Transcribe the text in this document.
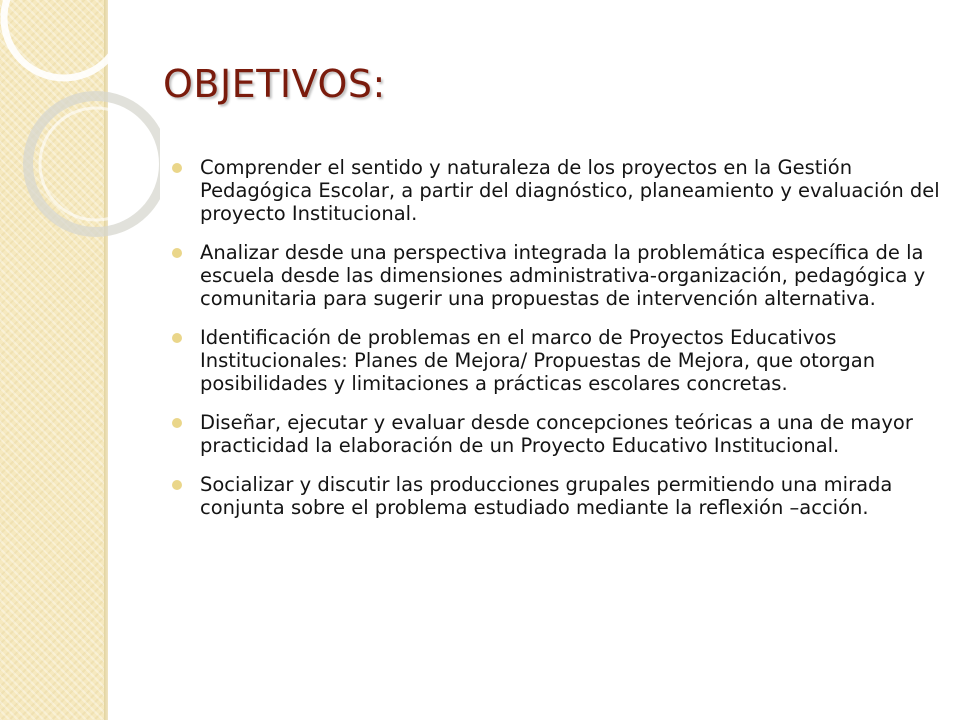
OBJETIVOS:
Comprender el sentido y naturaleza de los proyectos en la Gestión Pedagógica Escolar, a partir del diagnóstico, planeamiento y evaluación del proyecto Institucional.
Analizar desde una perspectiva integrada la problemática específica de la escuela desde las dimensiones administrativa-organización, pedagógica y comunitaria para sugerir una propuestas de intervención alternativa.
Identificación de problemas en el marco de Proyectos Educativos Institucionales: Planes de Mejora/ Propuestas de Mejora, que otorgan posibilidades y limitaciones a prácticas escolares concretas.
Diseñar, ejecutar y evaluar desde concepciones teóricas a una de mayor practicidad la elaboración de un Proyecto Educativo Institucional.
Socializar y discutir las producciones grupales permitiendo una mirada conjunta sobre el problema estudiado mediante la reflexión –acción.
